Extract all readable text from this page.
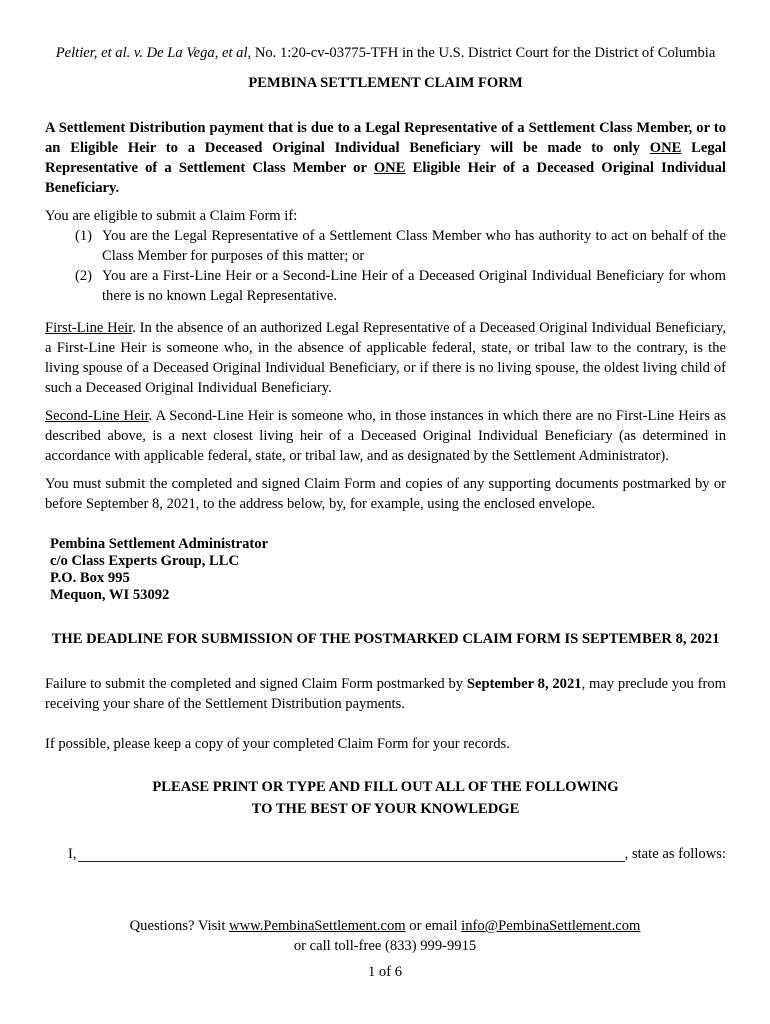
Peltier, et al. v. De La Vega, et al, No. 1:20-cv-03775-TFH in the U.S. District Court for the District of Columbia
PEMBINA SETTLEMENT CLAIM FORM
A Settlement Distribution payment that is due to a Legal Representative of a Settlement Class Member, or to an Eligible Heir to a Deceased Original Individual Beneficiary will be made to only ONE Legal Representative of a Settlement Class Member or ONE Eligible Heir of a Deceased Original Individual Beneficiary.
You are eligible to submit a Claim Form if:
(1) You are the Legal Representative of a Settlement Class Member who has authority to act on behalf of the Class Member for purposes of this matter; or
(2) You are a First-Line Heir or a Second-Line Heir of a Deceased Original Individual Beneficiary for whom there is no known Legal Representative.
First-Line Heir. In the absence of an authorized Legal Representative of a Deceased Original Individual Beneficiary, a First-Line Heir is someone who, in the absence of applicable federal, state, or tribal law to the contrary, is the living spouse of a Deceased Original Individual Beneficiary, or if there is no living spouse, the oldest living child of such a Deceased Original Individual Beneficiary.
Second-Line Heir. A Second-Line Heir is someone who, in those instances in which there are no First-Line Heirs as described above, is a next closest living heir of a Deceased Original Individual Beneficiary (as determined in accordance with applicable federal, state, or tribal law, and as designated by the Settlement Administrator).
You must submit the completed and signed Claim Form and copies of any supporting documents postmarked by or before September 8, 2021, to the address below, by, for example, using the enclosed envelope.
Pembina Settlement Administrator
c/o Class Experts Group, LLC
P.O. Box 995
Mequon, WI 53092
THE DEADLINE FOR SUBMISSION OF THE POSTMARKED CLAIM FORM IS SEPTEMBER 8, 2021
Failure to submit the completed and signed Claim Form postmarked by September 8, 2021, may preclude you from receiving your share of the Settlement Distribution payments.
If possible, please keep a copy of your completed Claim Form for your records.
PLEASE PRINT OR TYPE AND FILL OUT ALL OF THE FOLLOWING
TO THE BEST OF YOUR KNOWLEDGE
I,	, state as follows:
Questions? Visit www.PembinaSettlement.com or email info@PembinaSettlement.com
or call toll-free (833) 999-9915
1 of 6
